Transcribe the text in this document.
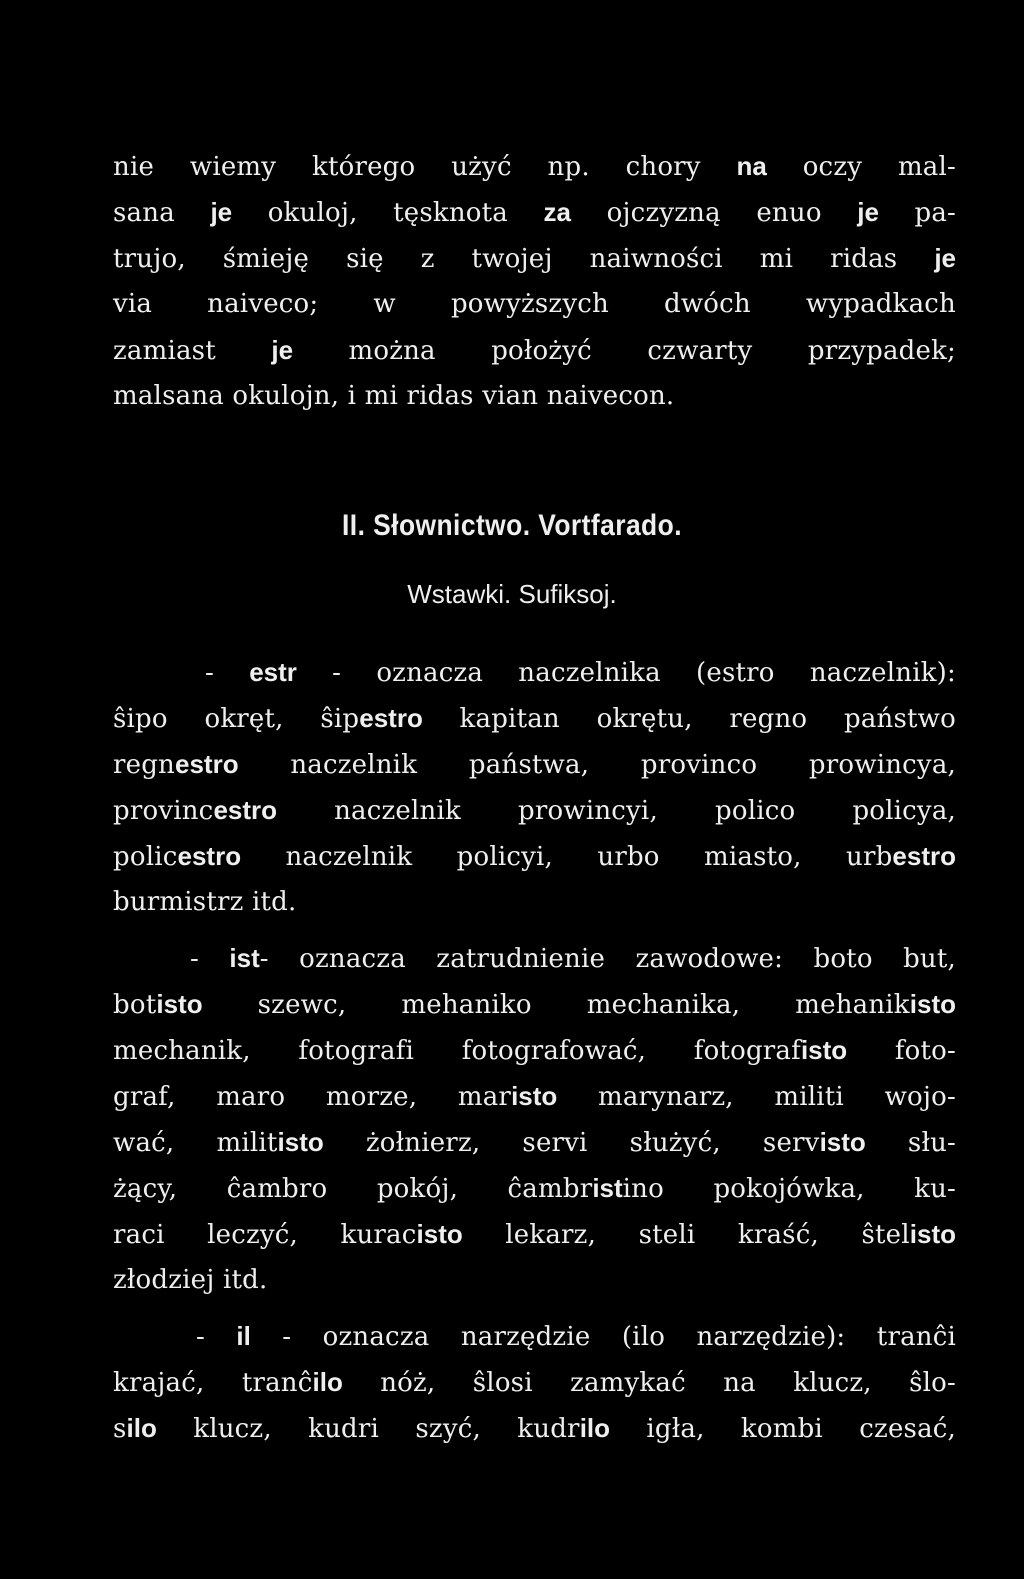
nie wiemy którego użyć np. chory na oczy mal-
sana je okuloj, tęsknota za ojczyzną enuo je pa-
trujo, śmieję się z twojej naiwności mi ridas je
via naiveco; w powyższych dwóch wypadkach
zamiast je można położyć czwarty przypadek;
malsana okulojn, i mi ridas vian naivecon.
II. Słownictwo. Vortfarado.
Wstawki. Sufiksoj.
- estr - oznacza naczelnika (estro naczelnik):
ŝipo okręt, ŝipestro kapitan okrętu, regno państwo
regnestro naczelnik państwa, provinco prowincya,
provincestro naczelnik prowincyi, polico policya,
policestro naczelnik policyi, urbo miasto, urbestro
burmistrz itd.
- ist- oznacza zatrudnienie zawodowe: boto but,
botisto szewc, mehaniko mechanika, mehanikisto
mechanik, fotografi fotografować, fotografisto foto-
graf, maro morze, maristo marynarz, militi wojo-
wać, militisto żołnierz, servi służyć, servisto słu-
żący, ĉambro pokój, ĉambristino pokojówka, ku-
raci leczyć, kuracisto lekarz, steli kraść, ŝtelisto
złodziej itd.
- il - oznacza narzędzie (ilo narzędzie): tranĉi
krajać, tranĉilo nóż, ŝlosi zamykać na klucz, ŝlo-
silo klucz, kudri szyć, kudrilo igła, kombi czesać,
